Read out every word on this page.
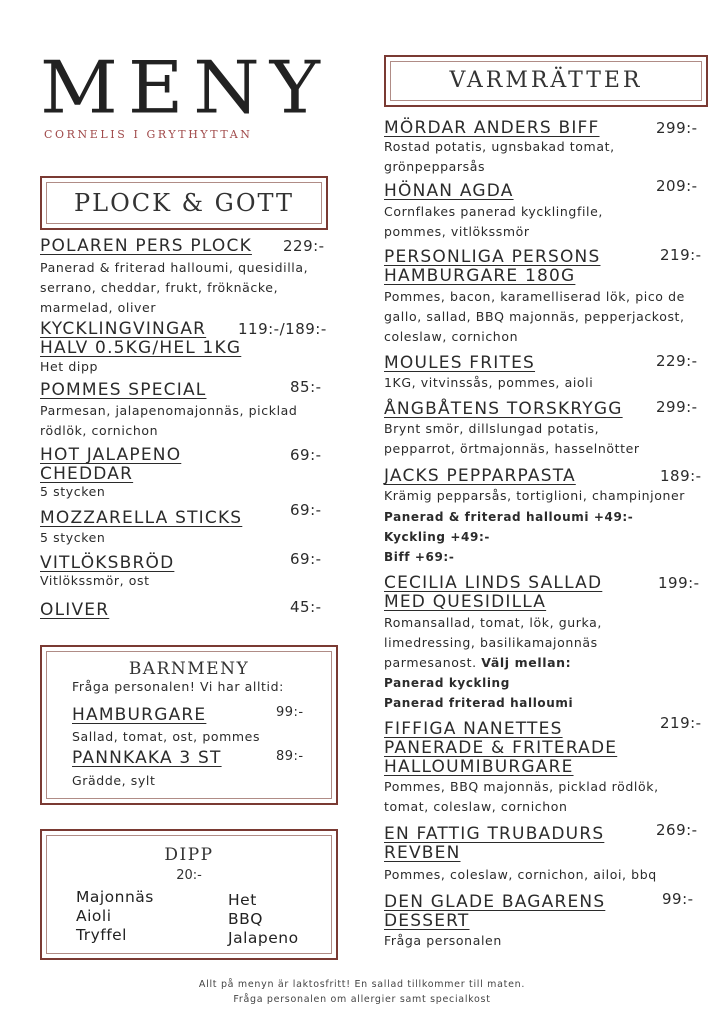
MENY
CORNELIS I GRYTHYTTAN
PLOCK & GOTT
POLAREN PERS PLOCK 229:-
Panerad & friterad halloumi, quesidilla, serrano, cheddar, frukt, fröknäcke, marmelad, oliver
KYCKLINGVINGAR
HALV 0.5KG/HEL 1KG
119:-/189:-
Het dipp
POMMES SPECIAL	85:-
Parmesan, jalapenomajonnäs, picklad rödlök, cornichon
HOT JALAPENO
CHEDDAR
69:-
5 stycken
MOZZARELLA STICKS	69:-
5 stycken
VITLÖKSBRÖD	69:-
Vitlökssmör, ost
OLIVER	45:-
BARNMENY
Fråga personalen! Vi har alltid:
HAMBURGARE	99:-
Sallad, tomat, ost, pommes
PANNKAKA 3 ST	89:-
Grädde, sylt
DIPP
20:-
Majonnäs
Aioli
Tryffel
Het
BBQ
Jalapeno
VARMRÄTTER
MÖRDAR ANDERS BIFF	299:-
Rostad potatis, ugnsbakad tomat,
grönpepparsås
HÖNAN AGDA	209:-
Cornflakes panerad kycklingfile,
pommes, vitlökssmör
PERSONLIGA PERSONS
HAMBURGARE 180G
219:-
Pommes, bacon, karamelliserad lök, pico de
gallo, sallad, BBQ majonnäs, pepperjackost,
coleslaw, cornichon
MOULES FRITES	229:-
1KG, vitvinssås, pommes, aioli
ÅNGBÅTENS TORSKRYGG 299:-
Brynt smör, dillslungad potatis,
pepparrot, örtmajonnäs, hasselnötter
JACKS PEPPARPASTA	189:-
Krämig pepparsås, tortiglioni, champinjoner
Panerad & friterad halloumi +49:-
Kyckling +49:-
Biff +69:-
CECILIA LINDS SALLAD
MED QUESIDILLA
199:-
Romansallad, tomat, lök, gurka,
limedressing, basilikamajonnäs
parmesanost. Välj mellan:
Panerad kyckling
Panerad friterad halloumi
FIFFIGA NANETTES
PANERADE & FRITERADE
HALLOUMIBURGARE
219:-
Pommes, BBQ majonnäs, picklad rödlök,
tomat, coleslaw, cornichon
EN FATTIG TRUBADURS
REVBEN
269:-
Pommes, coleslaw, cornichon, ailoi, bbq
DEN GLADE BAGARENS
DESSERT
99:-
Fråga personalen
Allt på menyn är laktosfritt! En sallad tillkommer till maten.
Fråga personalen om allergier samt specialkost
